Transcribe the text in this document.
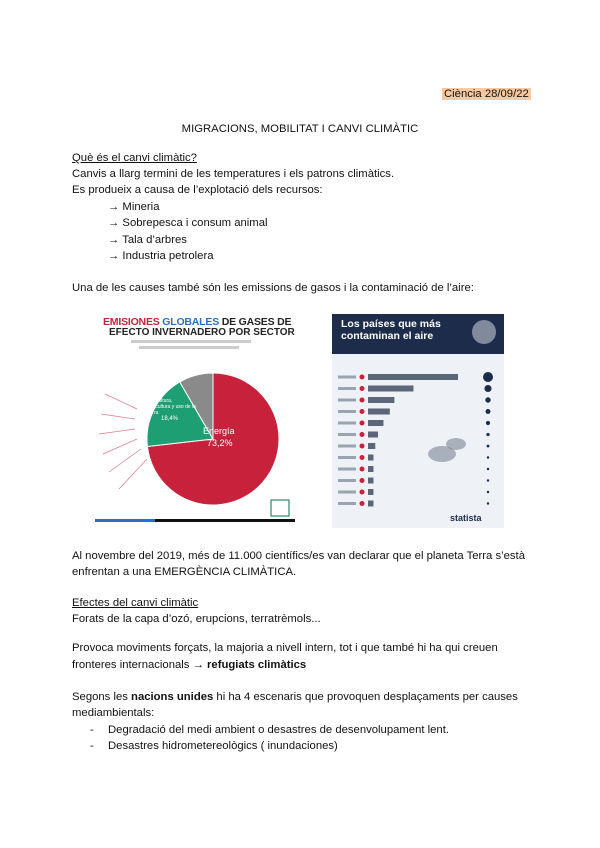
Ciència 28/09/22
MIGRACIONS, MOBILITAT I CANVI CLIMÀTIC
Què és el canvi climàtic?
Canvis a llarg termini de les temperatures i els patrons climàtics.
Es produeix a causa de l’explotació dels recursos:
→ Mineria
→ Sobrepesca i consum animal
→ Tala d’arbres
→ Industria petrolera
Una de les causes també són les emissions de gasos i la contaminació de l’aire:
EMISIONES GLOBALES DE GASES DE
EFECTO INVERNADERO POR SECTOR
Energía
73,2%
Agricultura, silvicultura y uso de la tierra
18,4%
Los países que más
contaminan el aire
statista
Al novembre del 2019, més de 11.000 científics/es van declarar que el planeta Terra s’està
enfrentan a una EMERGÈNCIA CLIMÀTICA.
Efectes del canvi climàtic
Forats de la capa d’ozó, erupcions, terratrèmols...
Provoca moviments forçats, la majoria a nivell intern, tot i que també hi ha qui creuen
fronteres internacionals → refugiats climàtics
Segons les nacions unides hi ha 4 escenaris que provoquen desplaçaments per causes
mediambientals:
- Degradació del medi ambient o desastres de desenvolupament lent.
- Desastres hidrometereològics ( inundaciones)
